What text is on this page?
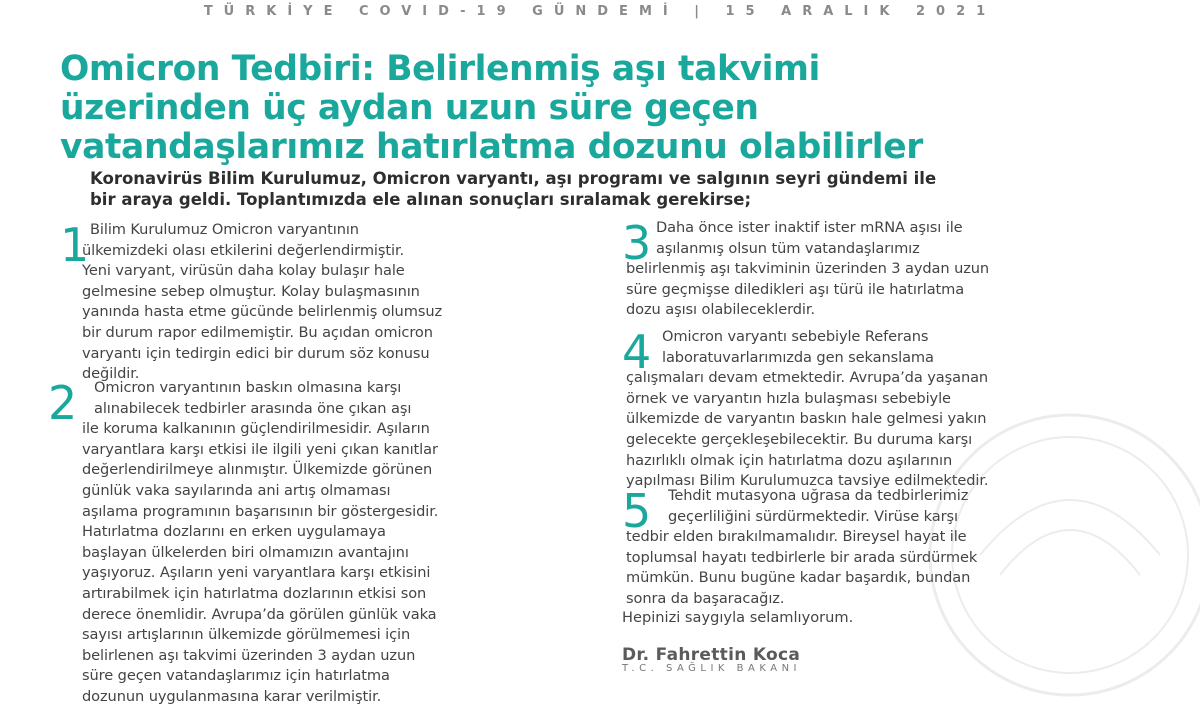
TÜRKİYE COVID-19 GÜNDEMİ | 15 ARALIK 2021
Omicron Tedbiri: Belirlenmiş aşı takvimi
üzerinden üç aydan uzun süre geçen
vatandaşlarımız hatırlatma dozunu olabilirler
Koronavirüs Bilim Kurulumuz, Omicron varyantı, aşı programı ve salgının seyri gündemi ile
bir araya geldi. Toplantımızda ele alınan sonuçları sıralamak gerekirse;
1 Bilim Kurulumuz Omicron varyantının
ülkemizdeki olası etkilerini değerlendirmiştir.
Yeni varyant, virüsün daha kolay bulaşır hale
gelmesine sebep olmuştur. Kolay bulaşmasının
yanında hasta etme gücünde belirlenmiş olumsuz
bir durum rapor edilmemiştir. Bu açıdan omicron
varyantı için tedirgin edici bir durum söz konusu
değildir.

2	Omicron varyantının baskın olmasına karşı
alınabilecek tedbirler arasında öne çıkan aşı
ile koruma kalkanının güçlendirilmesidir. Aşıların
varyantlara karşı etkisi ile ilgili yeni çıkan kanıtlar
değerlendirilmeye alınmıştır. Ülkemizde görünen
günlük vaka sayılarında ani artış olmaması
aşılama programının başarısının bir göstergesidir.
Hatırlatma dozlarını en erken uygulamaya
başlayan ülkelerden biri olmamızın avantajını
yaşıyoruz. Aşıların yeni varyantlara karşı etkisini
artırabilmek için hatırlatma dozlarının etkisi son
derece önemlidir. Avrupa’da görülen günlük vaka
sayısı artışlarının ülkemizde görülmemesi için
belirlenen aşı takvimi üzerinden 3 aydan uzun
süre geçen vatandaşlarımız için hatırlatma
dozunun uygulanmasına karar verilmiştir.

3 Daha önce ister inaktif ister mRNA aşısı ile
aşılanmış olsun tüm vatandaşlarımız
belirlenmiş aşı takviminin üzerinden 3 aydan uzun
süre geçmişse diledikleri aşı türü ile hatırlatma
dozu aşısı olabileceklerdir.

4 Omicron varyantı sebebiyle Referans
laboratuvarlarımızda gen sekanslama
çalışmaları devam etmektedir. Avrupa’da yaşanan
örnek ve varyantın hızla bulaşması sebebiyle
ülkemizde de varyantın baskın hale gelmesi yakın
gelecekte gerçekleşebilecektir. Bu duruma karşı
hazırlıklı olmak için hatırlatma dozu aşılarının
yapılması Bilim Kurulumuzca tavsiye edilmektedir.

5	Tehdit mutasyona uğrasa da tedbirlerimiz
geçerliliğini sürdürmektedir. Virüse karşı
tedbir elden bırakılmamalıdır. Bireysel hayat ile
toplumsal hayatı tedbirlerle bir arada sürdürmek
mümkün. Bunu bugüne kadar başardık, bundan
sonra da başaracağız.

Hepinizi saygıyla selamlıyorum.
Dr. Fahrettin Koca
T.C. SAĞLIK BAKANI
